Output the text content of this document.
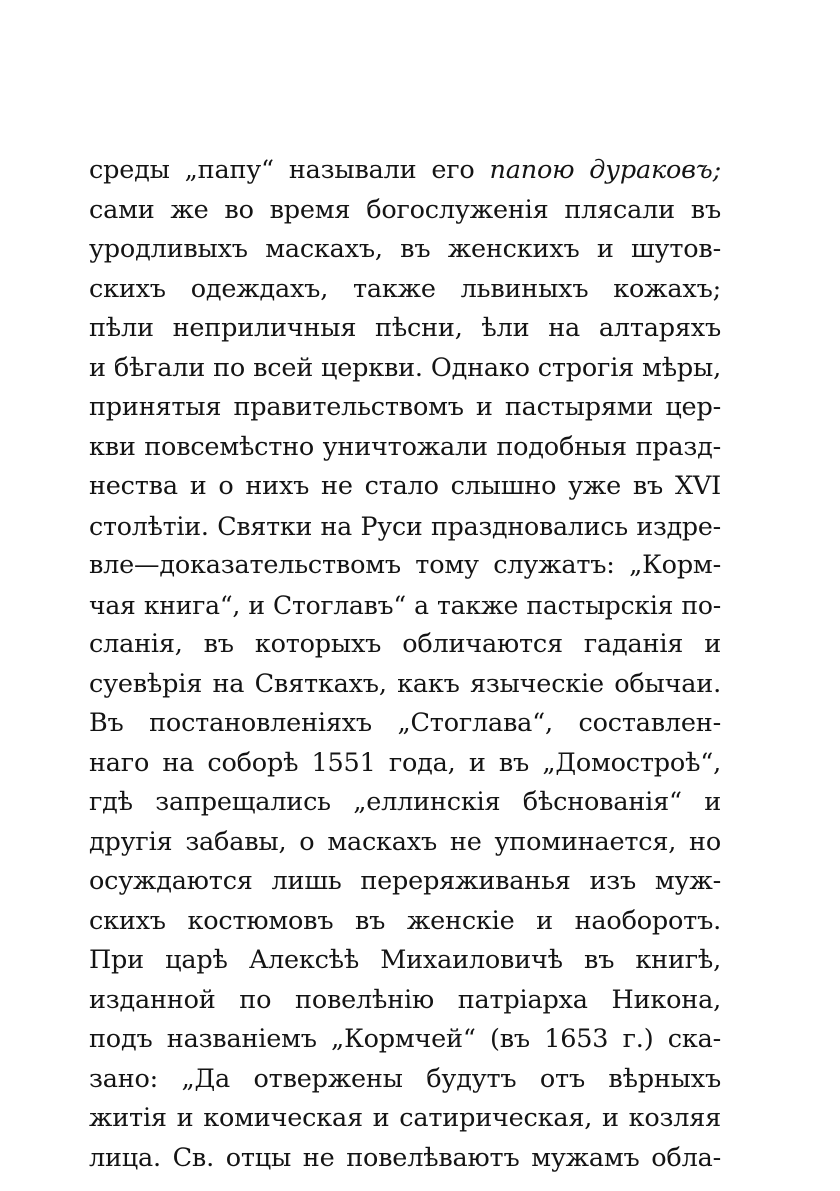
среды „папу“ называли его папою дураковъ;
сами же во время богослуженія плясали въ
уродливыхъ маскахъ, въ женскихъ и шутов-
скихъ одеждахъ, также львиныхъ кожахъ;
пѣли неприличныя пѣсни, ѣли на алтаряхъ
и бѣгали по всей церкви. Однако строгія мѣры,
принятыя правительствомъ и пастырями цер-
кви повсемѣстно уничтожали подобныя празд-
нества и о нихъ не стало слышно уже въ XVI
столѣтіи. Святки на Руси праздновались издре-
вле—доказательствомъ тому служатъ: „Корм-
чая книга“, и Стоглавъ“ а также пастырскія по-
сланія, въ которыхъ обличаются гаданія и
суевѣрія на Святкахъ, какъ языческіе обычаи.
Въ постановленіяхъ „Стоглава“, составлен-
наго на соборѣ 1551 года, и въ „Домостроѣ“,
гдѣ запрещались „еллинскія бѣснованія“ и
другія забавы, о маскахъ не упоминается, но
осуждаются лишь переряживанья изъ муж-
скихъ костюмовъ въ женскіе и наоборотъ.
При царѣ Алексѣѣ Михаиловичѣ въ книгѣ,
изданной по повелѣнію патріарха Никона,
подъ названіемъ „Кормчей“ (въ 1653 г.) ска-
зано: „Да отвержены будутъ отъ вѣрныхъ
житія и комическая и сатирическая, и козляя
лица. Св. отцы не повелѣваютъ мужамъ обла-
